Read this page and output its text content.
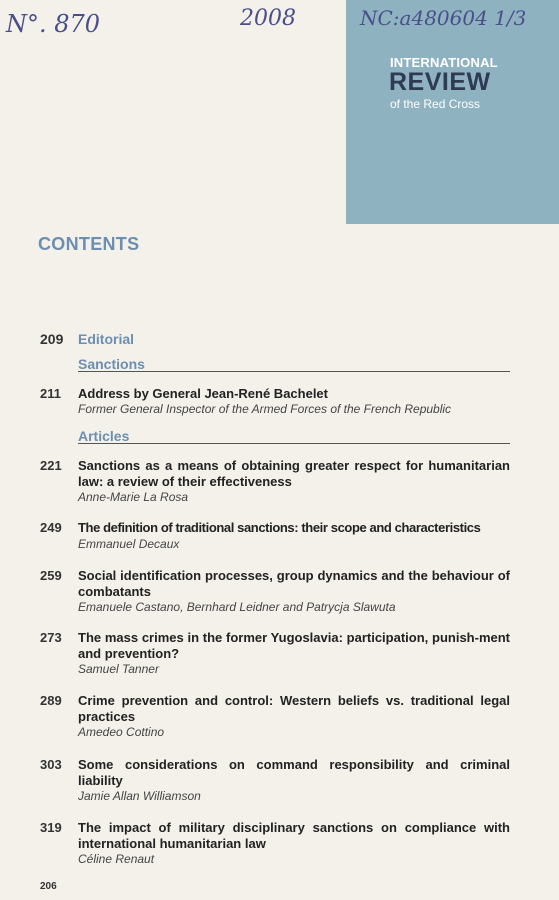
N°. 870	2008	NC:a480604 1/3
INTERNATIONAL
REVIEW
of the Red Cross
CONTENTS
209 Editorial
Sanctions
211 Address by General Jean-René Bachelet
Former General Inspector of the Armed Forces of the French Republic
Articles
221 Sanctions as a means of obtaining greater respect for humanitarian law: a review of their effectiveness
Anne-Marie La Rosa
249 The definition of traditional sanctions: their scope and characteristics
Emmanuel Decaux
259 Social identification processes, group dynamics and the behaviour of combatants
Emanuele Castano, Bernhard Leidner and Patrycja Slawuta
273 The mass crimes in the former Yugoslavia: participation, punish-ment and prevention?
Samuel Tanner
289 Crime prevention and control: Western beliefs vs. traditional legal practices
Amedeo Cottino
303 Some considerations on command responsibility and criminal liability
Jamie Allan Williamson
319 The impact of military disciplinary sanctions on compliance with international humanitarian law
Céline Renaut
206
